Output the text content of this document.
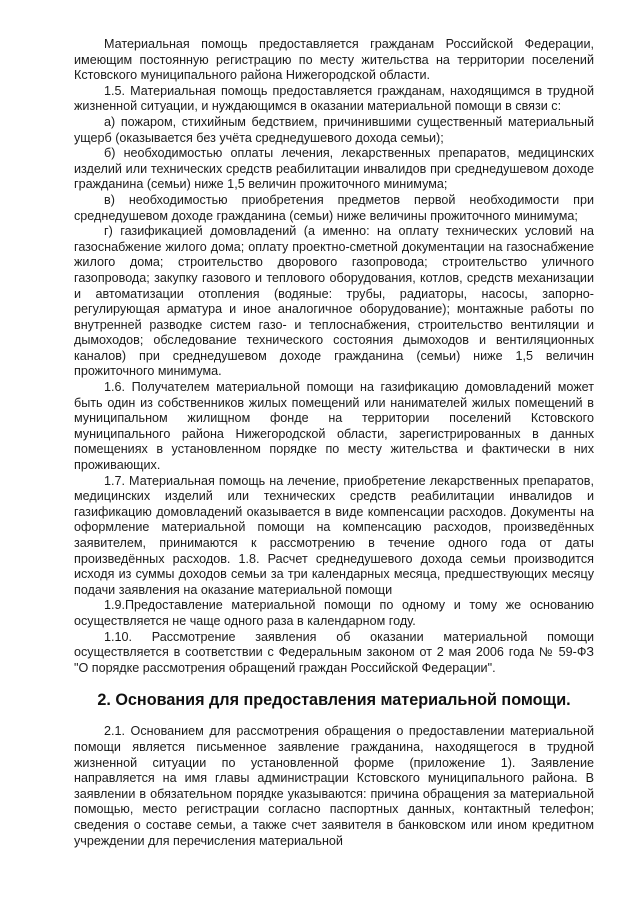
Материальная помощь предоставляется гражданам Российской Федерации, имеющим постоянную регистрацию по месту жительства на территории поселений Кстовского муниципального района Нижегородской области.

1.5. Материальная помощь предоставляется гражданам, находящимся в трудной жизненной ситуации, и нуждающимся в оказании материальной помощи в связи с:

а) пожаром, стихийным бедствием, причинившими существенный материальный ущерб (оказывается без учёта среднедушевого дохода семьи);

б) необходимостью оплаты лечения, лекарственных препаратов, медицинских изделий или технических средств реабилитации инвалидов при среднедушевом доходе гражданина (семьи) ниже 1,5 величин прожиточного минимума;

в) необходимостью приобретения предметов первой необходимости при среднедушевом доходе гражданина (семьи) ниже величины прожиточного минимума;

г) газификацией домовладений (а именно: на оплату технических условий на газоснабжение жилого дома; оплату проектно-сметной документации на газоснабжение жилого дома; строительство дворового газопровода; строительство уличного газопровода; закупку газового и теплового оборудования, котлов, средств механизации и автоматизации отопления (водяные: трубы, радиаторы, насосы, запорно-регулирующая арматура и иное аналогичное оборудование); монтажные работы по внутренней разводке систем газо- и теплоснабжения, строительство вентиляции и дымоходов; обследование технического состояния дымоходов и вентиляционных каналов) при среднедушевом доходе гражданина (семьи) ниже 1,5 величин прожиточного минимума.

1.6. Получателем материальной помощи на газификацию домовладений может быть один из собственников жилых помещений или нанимателей жилых помещений в муниципальном жилищном фонде на территории поселений Кстовского муниципального района Нижегородской области, зарегистрированных в данных помещениях в установленном порядке по месту жительства и фактически в них проживающих.

1.7. Материальная помощь на лечение, приобретение лекарственных препаратов, медицинских изделий или технических средств реабилитации инвалидов и газификацию домовладений оказывается в виде компенсации расходов. Документы на оформление материальной помощи на компенсацию расходов, произведённых заявителем, принимаются к рассмотрению в течение одного года от даты произведённых расходов. 1.8. Расчет среднедушевого дохода семьи производится исходя из суммы доходов семьи за три календарных месяца, предшествующих месяцу подачи заявления на оказание материальной помощи

1.9.Предоставление материальной помощи по одному и тому же основанию осуществляется не чаще одного раза в календарном году.

1.10. Рассмотрение заявления об оказании материальной помощи осуществляется в соответствии с Федеральным законом от 2 мая 2006 года № 59-ФЗ "О порядке рассмотрения обращений граждан Российской Федерации".

2. Основания для предоставления материальной помощи.

2.1. Основанием для рассмотрения обращения о предоставлении материальной помощи является письменное заявление гражданина, находящегося в трудной жизненной ситуации по установленной форме (приложение 1). Заявление направляется на имя главы администрации Кстовского муниципального района. В заявлении в обязательном порядке указываются: причина обращения за материальной помощью, место регистрации согласно паспортных данных, контактный телефон; сведения о составе семьи, а также счет заявителя в банковском или ином кредитном учреждении для перечисления материальной
